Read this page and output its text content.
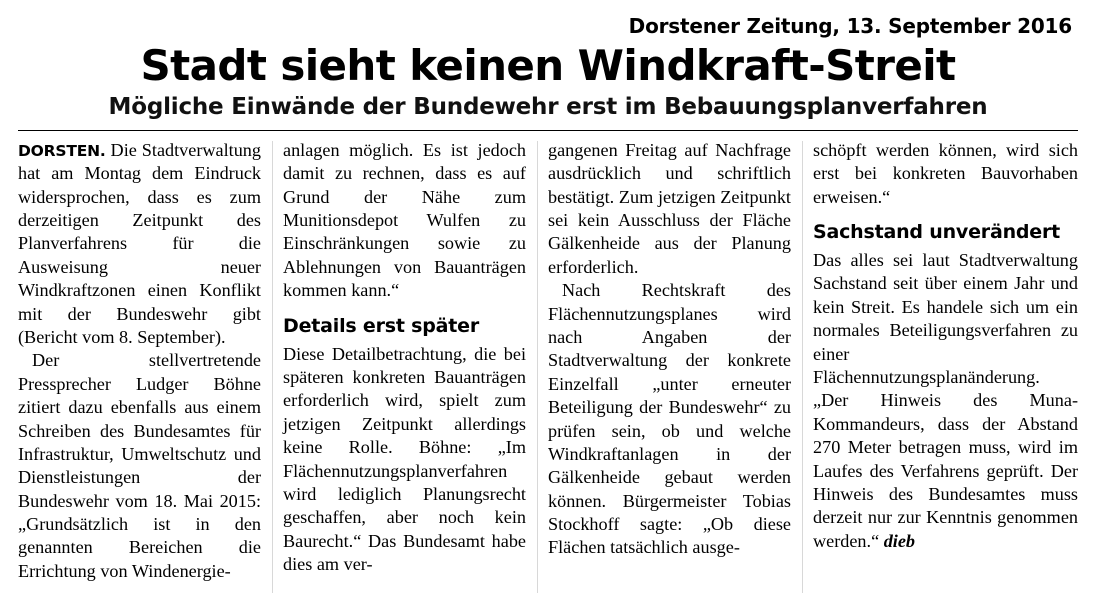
Dorstener Zeitung, 13. September 2016
Stadt sieht keinen Windkraft-Streit
Mögliche Einwände der Bundewehr erst im Bebauungsplanverfahren

DORSTEN. Die Stadtverwaltung hat am Montag dem Eindruck widersprochen, dass es zum derzeitigen Zeitpunkt des Planverfahrens für die Ausweisung neuer Windkraftzonen einen Konflikt mit der Bundeswehr gibt (Bericht vom 8. September).

Der stellvertretende Pressprecher Ludger Böhne zitiert dazu ebenfalls aus einem Schreiben des Bundesamtes für Infrastruktur, Umweltschutz und Dienstleistungen der Bundeswehr vom 18. Mai 2015: „Grundsätzlich ist in den genannten Bereichen die Errichtung von Windenergie-

anlagen möglich. Es ist jedoch damit zu rechnen, dass es auf Grund der Nähe zum Munitionsdepot Wulfen zu Einschränkungen sowie zu Ablehnungen von Bauanträgen kommen kann.“

Details erst später

Diese Detailbetrachtung, die bei späteren konkreten Bauanträgen erforderlich wird, spielt zum jetzigen Zeitpunkt allerdings keine Rolle. Böhne: „Im Flächennutzungsplanverfahren wird lediglich Planungsrecht geschaffen, aber noch kein Baurecht.“ Das Bundesamt habe dies am ver-

gangenen Freitag auf Nachfrage ausdrücklich und schriftlich bestätigt. Zum jetzigen Zeitpunkt sei kein Ausschluss der Fläche Gälkenheide aus der Planung erforderlich.

Nach Rechtskraft des Flächennutzungsplanes wird nach Angaben der Stadtverwaltung der konkrete Einzelfall „unter erneuter Beteiligung der Bundeswehr“ zu prüfen sein, ob und welche Windkraftanlagen in der Gälkenheide gebaut werden können. Bürgermeister Tobias Stockhoff sagte: „Ob diese Flächen tatsächlich ausge-

schöpft werden können, wird sich erst bei konkreten Bauvorhaben erweisen.“

Sachstand unverändert

Das alles sei laut Stadtverwaltung Sachstand seit über einem Jahr und kein Streit. Es handele sich um ein normales Beteiligungsverfahren zu einer Flächennutzungsplanänderung. „Der Hinweis des Muna-Kommandeurs, dass der Abstand 270 Meter betragen muss, wird im Laufes des Verfahrens geprüft. Der Hinweis des Bundesamtes muss derzeit nur zur Kenntnis genommen werden.“ dieb
